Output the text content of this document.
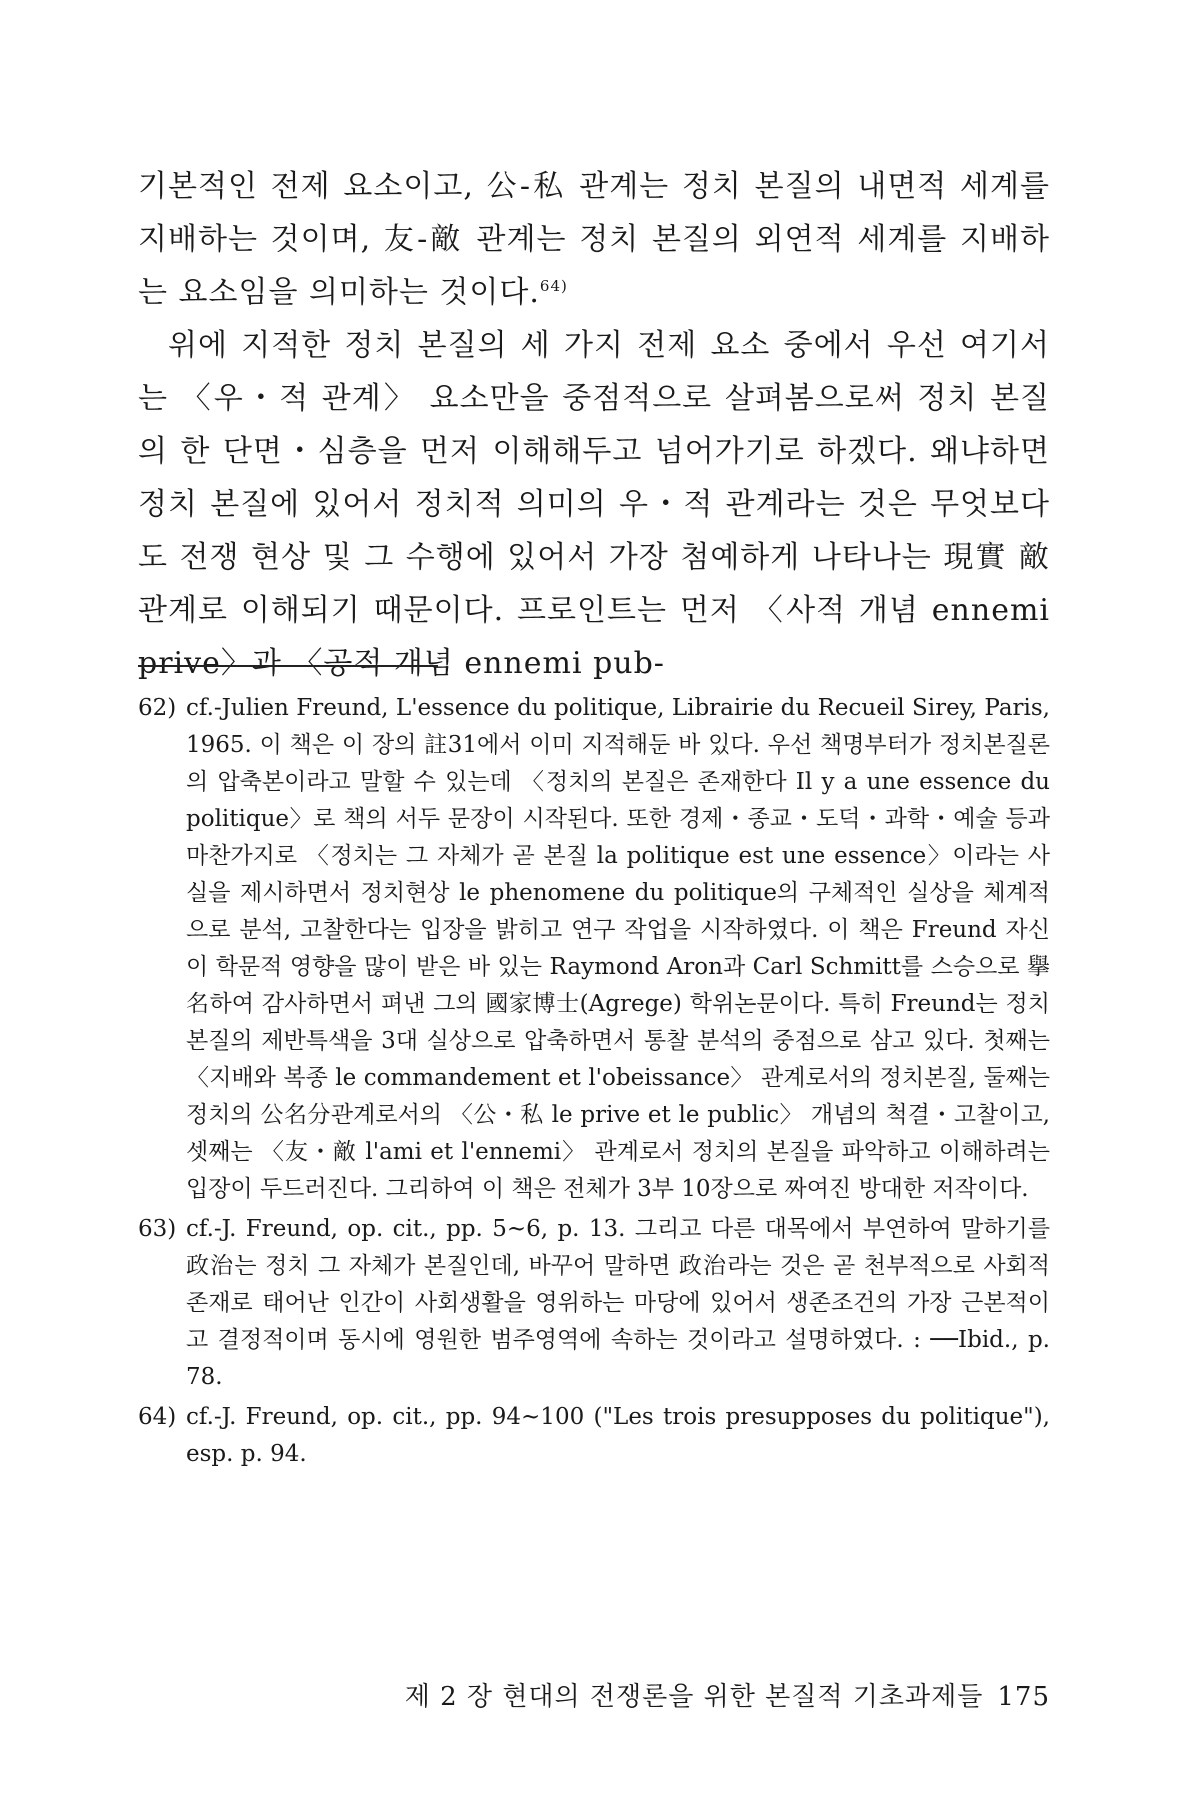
기본적인 전제 요소이고, 公-私 관계는 정치 본질의 내면적 세계를 지배하는 것이며, 友-敵 관계는 정치 본질의 외연적 세계를 지배하는 요소임을 의미하는 것이다.$^{64)}$

위에 지적한 정치 본질의 세 가지 전제 요소 중에서 우선 여기서는 〈우・적 관계〉 요소만을 중점적으로 살펴봄으로써 정치 본질의 한 단면・심층을 먼저 이해해두고 넘어가기로 하겠다. 왜냐하면 정치 본질에 있어서 정치적 의미의 우・적 관계라는 것은 무엇보다도 전쟁 현상 및 그 수행에 있어서 가장 첨예하게 나타나는 現實 敵 관계로 이해되기 때문이다. 프로인트는 먼저 〈사적 개념 ennemi prive〉과 〈공적 개념 ennemi pub-

62) cf.-Julien Freund, L'essence du politique, Librairie du Recueil Sirey, Paris, 1965. 이 책은 이 장의 註31에서 이미 지적해둔 바 있다. 우선 책명부터가 정치본질론의 압축본이라고 말할 수 있는데 〈정치의 본질은 존재한다 Il y a une essence du politique〉로 책의 서두 문장이 시작된다. 또한 경제・종교・도덕・과학・예술 등과 마찬가지로 〈정치는 그 자체가 곧 본질 la politique est une essence〉이라는 사실을 제시하면서 정치현상 le phenomene du politique의 구체적인 실상을 체계적으로 분석, 고찰한다는 입장을 밝히고 연구 작업을 시작하였다. 이 책은 Freund 자신이 학문적 영향을 많이 받은 바 있는 Raymond Aron과 Carl Schmitt를 스승으로 擧名하여 감사하면서 펴낸 그의 國家博士(Agrege) 학위논문이다. 특히 Freund는 정치본질의 제반특색을 3대 실상으로 압축하면서 통찰 분석의 중점으로 삼고 있다. 첫째는 〈지배와 복종 le commandement et l'obeissance〉 관계로서의 정치본질, 둘째는 정치의 公名分관계로서의 〈公・私 le prive et le public〉 개념의 척결・고찰이고, 셋째는 〈友・敵 l'ami et l'ennemi〉 관계로서 정치의 본질을 파악하고 이해하려는 입장이 두드러진다. 그리하여 이 책은 전체가 3부 10장으로 짜여진 방대한 저작이다.

63) cf.-J. Freund, op. cit., pp. 5~6, p. 13. 그리고 다른 대목에서 부연하여 말하기를 政治는 정치 그 자체가 본질인데, 바꾸어 말하면 政治라는 것은 곧 천부적으로 사회적 존재로 태어난 인간이 사회생활을 영위하는 마당에 있어서 생존조건의 가장 근본적이고 결정적이며 동시에 영원한 범주영역에 속하는 것이라고 설명하였다. : ──Ibid., p. 78.

64) cf.-J. Freund, op. cit., pp. 94~100 ("Les trois presupposes du politique"), esp. p. 94.

제 2 장 현대의 전쟁론을 위한 본질적 기초과제들 175
